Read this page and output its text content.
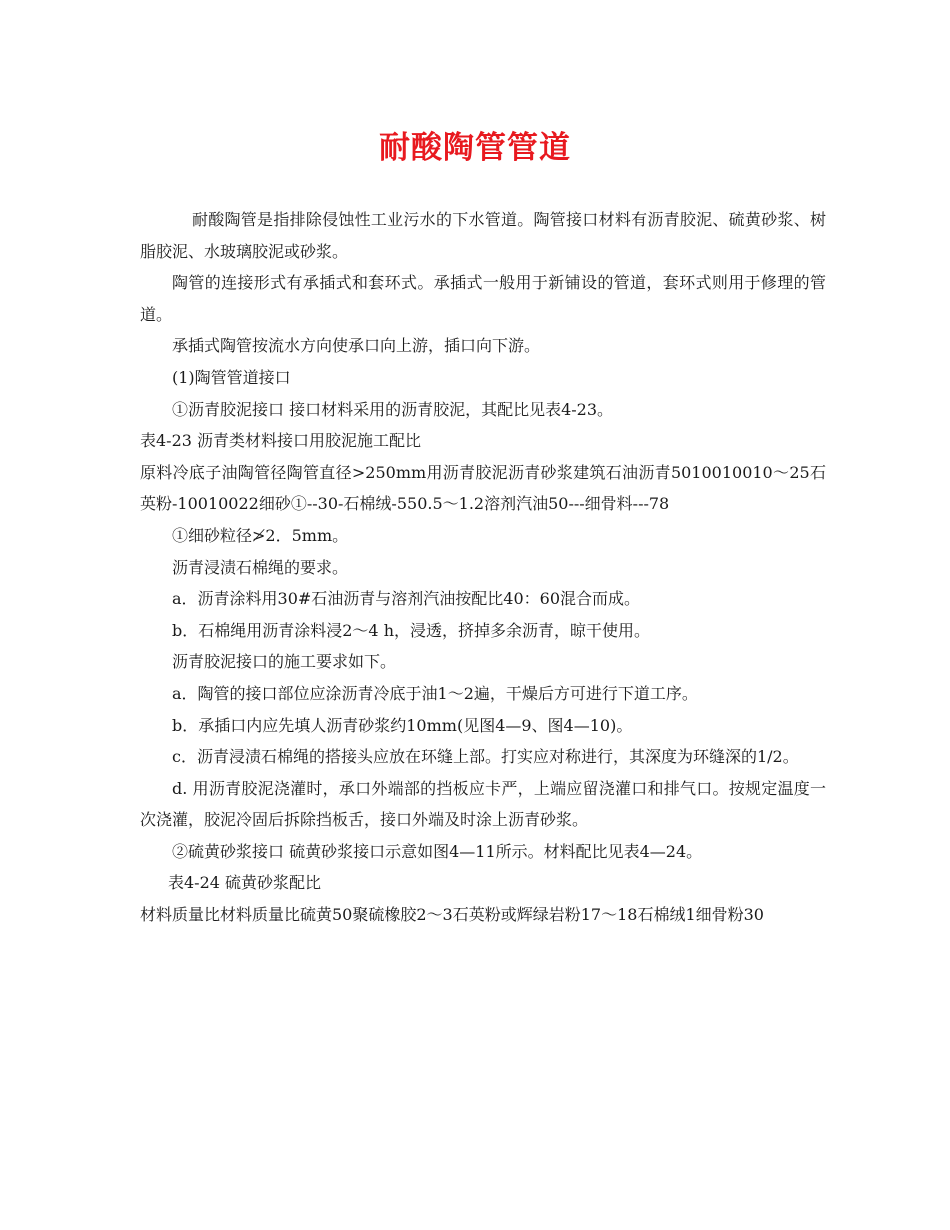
耐酸陶管管道

耐酸陶管是指排除侵蚀性工业污水的下水管道。陶管接口材料有沥青胶泥、硫黄砂浆、树脂胶泥、水玻璃胶泥或砂浆。

陶管的连接形式有承插式和套环式。承插式一般用于新铺设的管道，套环式则用于修理的管道。

承插式陶管按流水方向使承口向上游，插口向下游。

(1)陶管管道接口

①沥青胶泥接口 接口材料采用的沥青胶泥，其配比见表4-23。

表4-23 沥青类材料接口用胶泥施工配比

原料冷底子油陶管径陶管直径>250mm用沥青胶泥沥青砂浆建筑石油沥青5010010010～25石英粉-10010022细砂①--30-石棉绒-550.5～1.2溶剂汽油50---细骨料---78

①细砂粒径≯2．5mm。

沥青浸渍石棉绳的要求。

a．沥青涂料用30#石油沥青与溶剂汽油按配比40：60混合而成。

b．石棉绳用沥青涂料浸2～4 h，浸透，挤掉多余沥青，晾干使用。

沥青胶泥接口的施工要求如下。

a．陶管的接口部位应涂沥青冷底于油1～2遍，干燥后方可进行下道工序。

b．承插口内应先填人沥青砂浆约10mm(见图4—9、图4—10)。

c．沥青浸渍石棉绳的搭接头应放在环缝上部。打实应对称进行，其深度为环缝深的1/2。

d. 用沥青胶泥浇灌时，承口外端部的挡板应卡严，上端应留浇灌口和排气口。按规定温度一次浇灌，胶泥冷固后拆除挡板舌，接口外端及时涂上沥青砂浆。

②硫黄砂浆接口 硫黄砂浆接口示意如图4—11所示。材料配比见表4—24。

表4-24 硫黄砂浆配比

材料质量比材料质量比硫黄50聚硫橡胶2～3石英粉或辉绿岩粉17～18石棉绒1细骨粉30
